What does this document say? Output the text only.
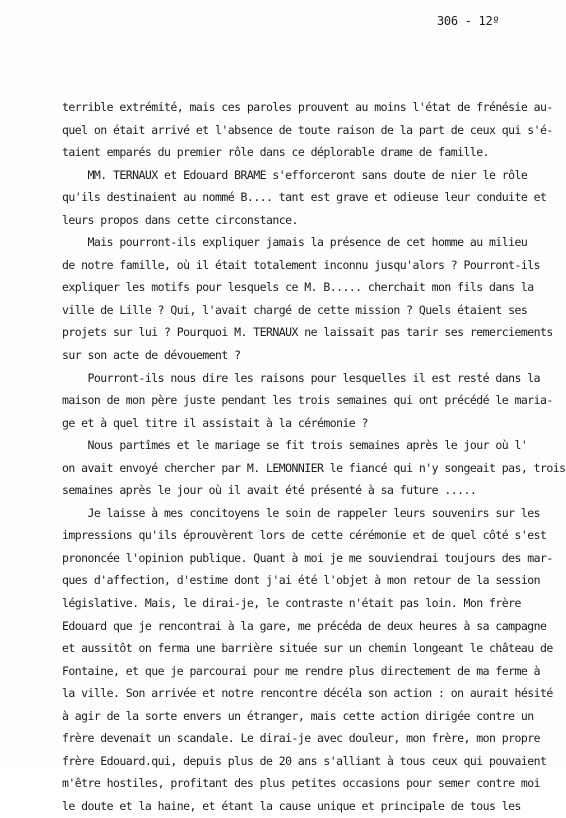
306 - 12º
terrible extrémité, mais ces paroles prouvent au moins l'état de frénésie au-
quel on était arrivé et l'absence de toute raison de la part de ceux qui s'é-
taient emparés du premier rôle dans ce déplorable drame de famille.
MM. TERNAUX et Edouard BRAME s'efforceront sans doute de nier le rôle
qu'ils destinaient au nommé B.... tant est grave et odieuse leur conduite et
leurs propos dans cette circonstance.
Mais pourront-ils expliquer jamais la présence de cet homme au milieu
de notre famille, où il était totalement inconnu jusqu'alors ? Pourront-ils
expliquer les motifs pour lesquels ce M. B..... cherchait mon fils dans la
ville de Lille ? Qui, l'avait chargé de cette mission ? Quels étaient ses
projets sur lui ? Pourquoi M. TERNAUX ne laissait pas tarir ses remerciements
sur son acte de dévouement ?
Pourront-ils nous dire les raisons pour lesquelles il est resté dans la
maison de mon père juste pendant les trois semaines qui ont précédé le maria-
ge et à quel titre il assistait à la cérémonie ?
Nous partîmes et le mariage se fit trois semaines après le jour où l'
on avait envoyé chercher par M. LEMONNIER le fiancé qui n'y songeait pas, trois
semaines après le jour où il avait été présenté à sa future .....
Je laisse à mes concitoyens le soin de rappeler leurs souvenirs sur les
impressions qu'ils éprouvèrent lors de cette cérémonie et de quel côté s'est
prononcée l'opinion publique. Quant à moi je me souviendrai toujours des mar-
ques d'affection, d'estime dont j'ai été l'objet à mon retour de la session
législative. Mais, le dirai-je, le contraste n'était pas loin. Mon frère
Edouard que je rencontrai à la gare, me précéda de deux heures à sa campagne
et aussitôt on ferma une barrière située sur un chemin longeant le château de
Fontaine, et que je parcourai pour me rendre plus directement de ma ferme à
la ville. Son arrivée et notre rencontre décéla son action : on aurait hésité
à agir de la sorte envers un étranger, mais cette action dirigée contre un
frère devenait un scandale. Le dirai-je avec douleur, mon frère, mon propre
frère Edouard.qui, depuis plus de 20 ans s'alliant à tous ceux qui pouvaient
m'être hostiles, profitant des plus petites occasions pour semer contre moi
le doute et la haine, et étant la cause unique et principale de tous les
